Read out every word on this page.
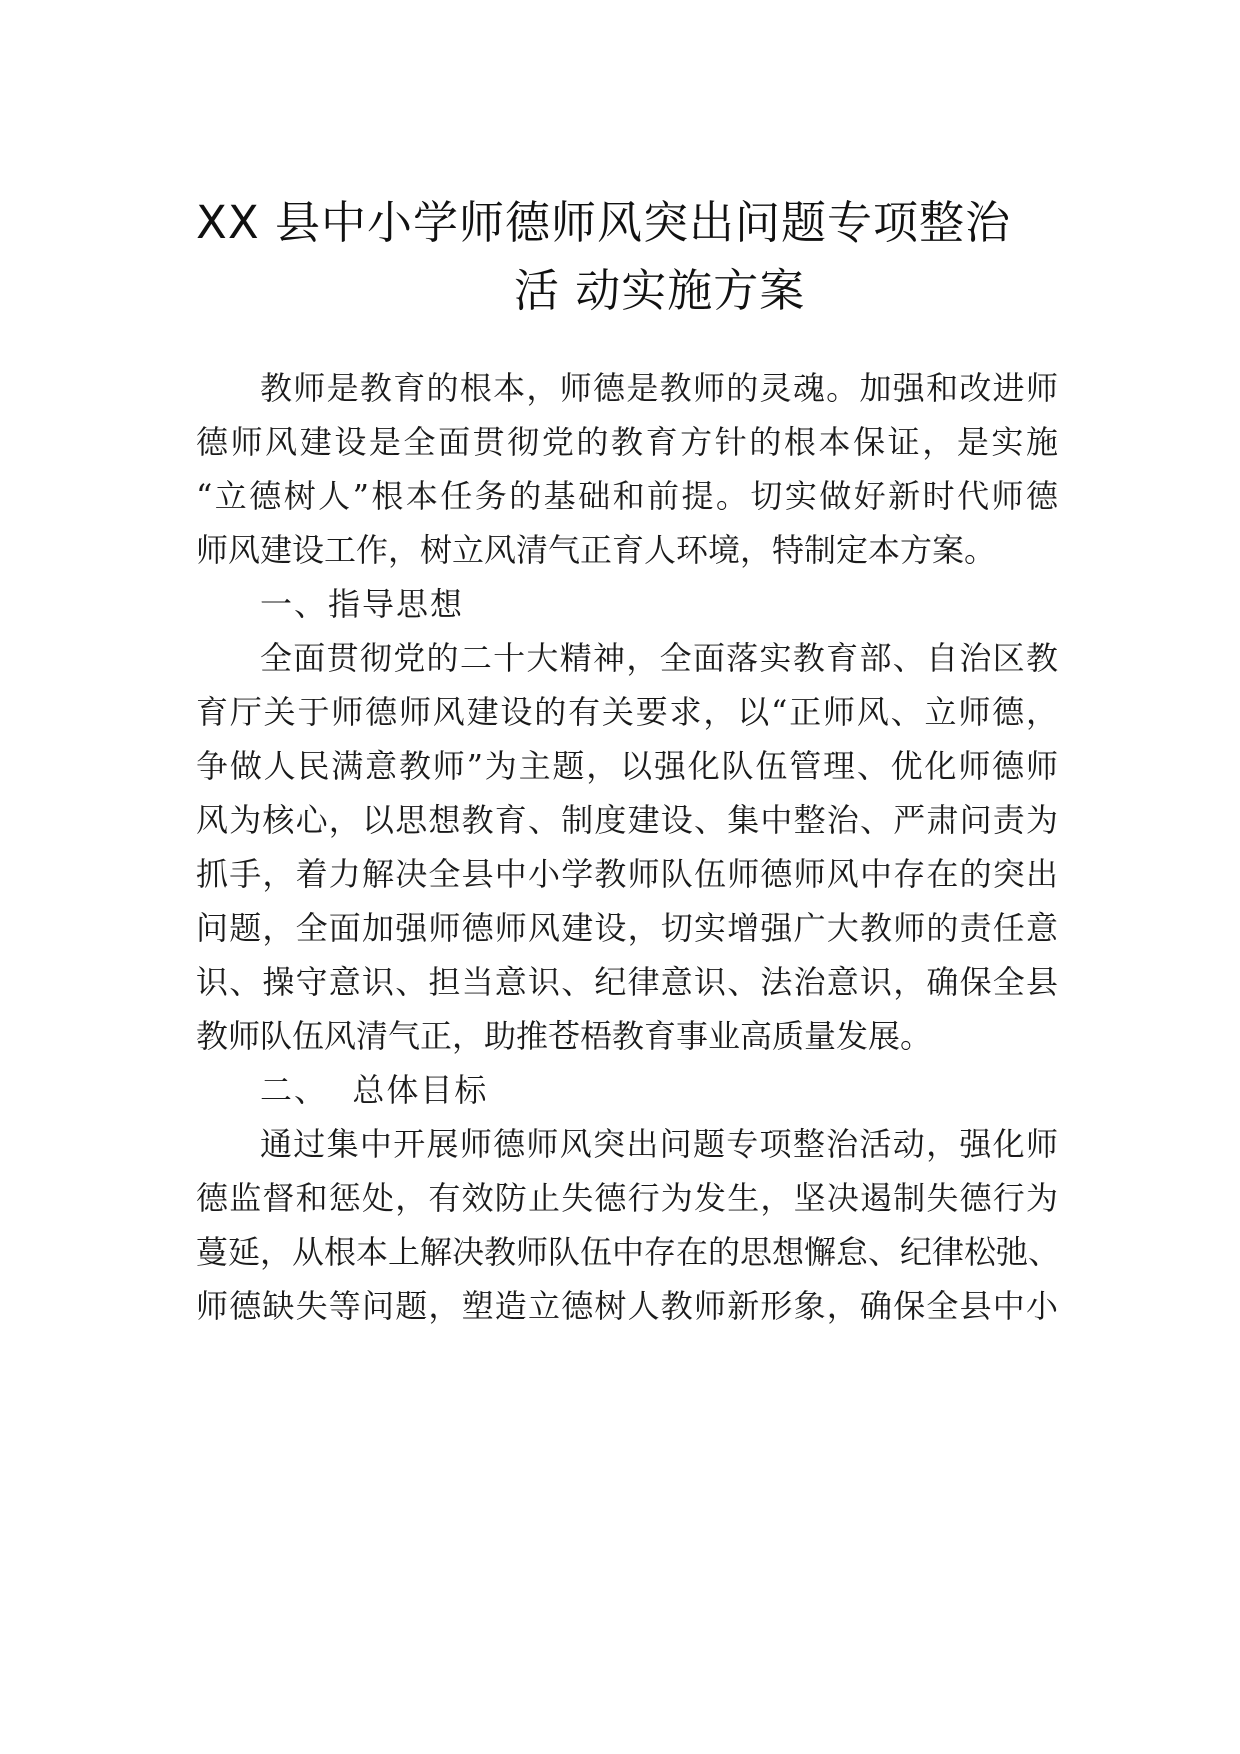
XX 县中小学师德师风突出问题专项整治
活 动实施方案
教师是教育的根本，师德是教师的灵魂。加强和改进师
德师风建设是全面贯彻党的教育方针的根本保证，是实施
“立德树人”根本任务的基础和前提。切实做好新时代师德
师风建设工作，树立风清气正育人环境，特制定本方案。
一、指导思想
全面贯彻党的二十大精神，全面落实教育部、自治区教
育厅关于师德师风建设的有关要求，以“正师风、立师德，
争做人民满意教师”为主题，以强化队伍管理、优化师德师
风为核心，以思想教育、制度建设、集中整治、严肃问责为
抓手，着力解决全县中小学教师队伍师德师风中存在的突出
问题，全面加强师德师风建设，切实增强广大教师的责任意
识、操守意识、担当意识、纪律意识、法治意识，确保全县
教师队伍风清气正，助推苍梧教育事业高质量发展。
二、  总体目标
通过集中开展师德师风突出问题专项整治活动，强化师
德监督和惩处，有效防止失德行为发生，坚决遏制失德行为
蔓延，从根本上解决教师队伍中存在的思想懈怠、纪律松弛、
师德缺失等问题，塑造立德树人教师新形象，确保全县中小
